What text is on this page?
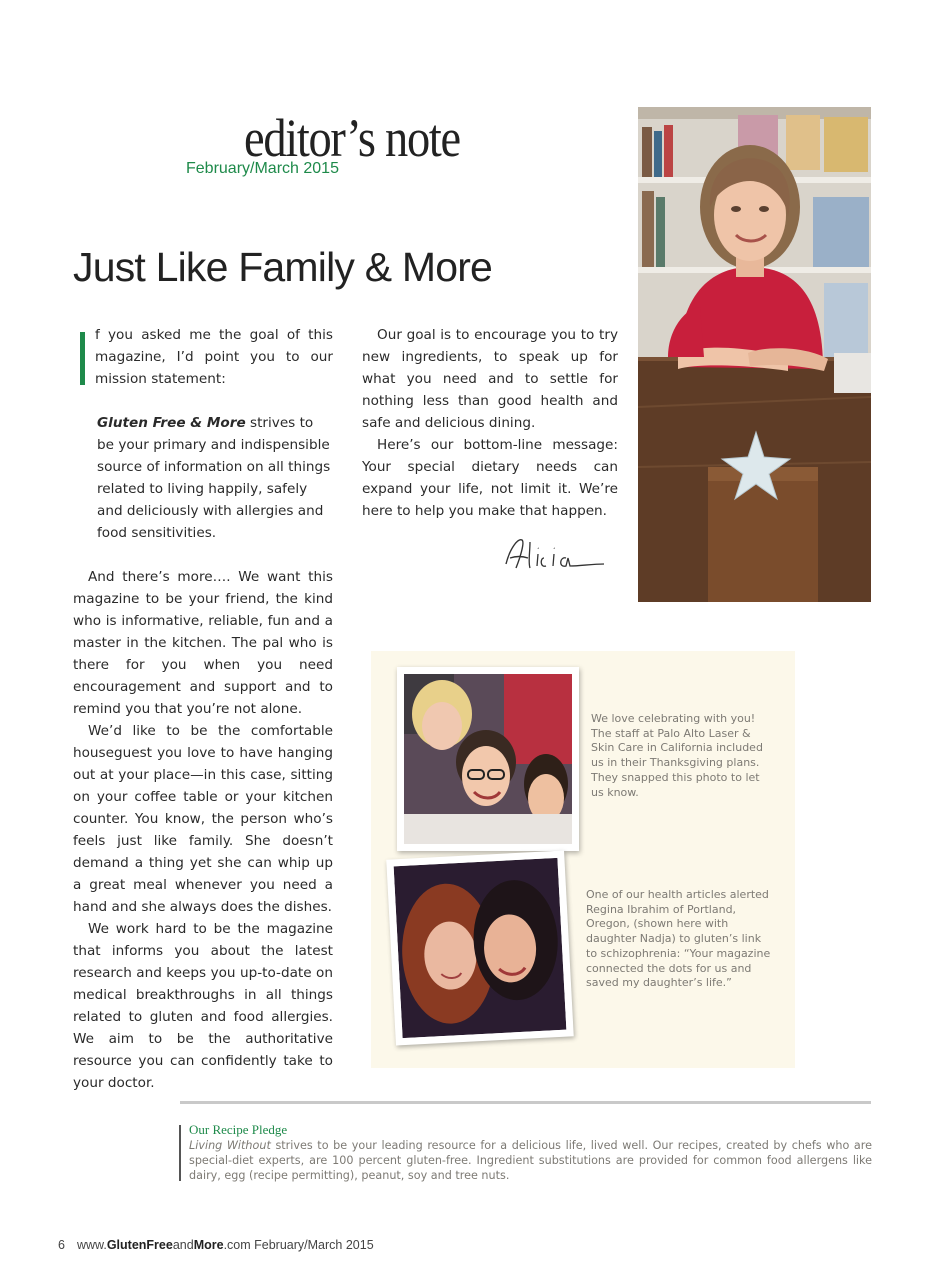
editor’s note
February/March 2015
Just Like Family & More

f you asked me the goal of this magazine, I’d point you to our mission statement:

Gluten Free & More strives to be your primary and indispensible source of information on all things related to living happily, safely and deliciously with allergies and food sensitivities.

And there’s more…. We want this magazine to be your friend, the kind who is informative, reliable, fun and a master in the kitchen. The pal who is there for you when you need encouragement and support and to remind you that you’re not alone.

We’d like to be the comfortable houseguest you love to have hanging out at your place—in this case, sitting on your coffee table or your kitchen counter. You know, the person who’s feels just like family. She doesn’t demand a thing yet she can whip up a great meal whenever you need a hand and she always does the dishes.

We work hard to be the magazine that informs you about the latest research and keeps you up-to-date on medical breakthroughs in all things related to gluten and food allergies. We aim to be the authoritative resource you can confidently take to your doctor.

Our goal is to encourage you to try new ingredients, to speak up for what you need and to settle for nothing less than good health and safe and delicious dining.

Here’s our bottom-line message: Your special dietary needs can expand your life, not limit it. We’re here to help you make that happen.

We love celebrating with you! The staff at Palo Alto Laser & Skin Care in California included us in their Thanksgiving plans. They snapped this photo to let us know.
One of our health articles alerted Regina Ibrahim of Portland, Oregon, (shown here with daughter Nadja) to gluten’s link to schizophrenia: “Your magazine connected the dots for us and saved my daughter’s life.”
Our Recipe Pledge
Living Without strives to be your leading resource for a delicious life, lived well. Our recipes, created by chefs who are special-diet experts, are 100 percent gluten-free. Ingredient substitutions are provided for common food allergens like dairy, egg (recipe permitting), peanut, soy and tree nuts.
6 www.GlutenFreeandMore.com February/March 2015
